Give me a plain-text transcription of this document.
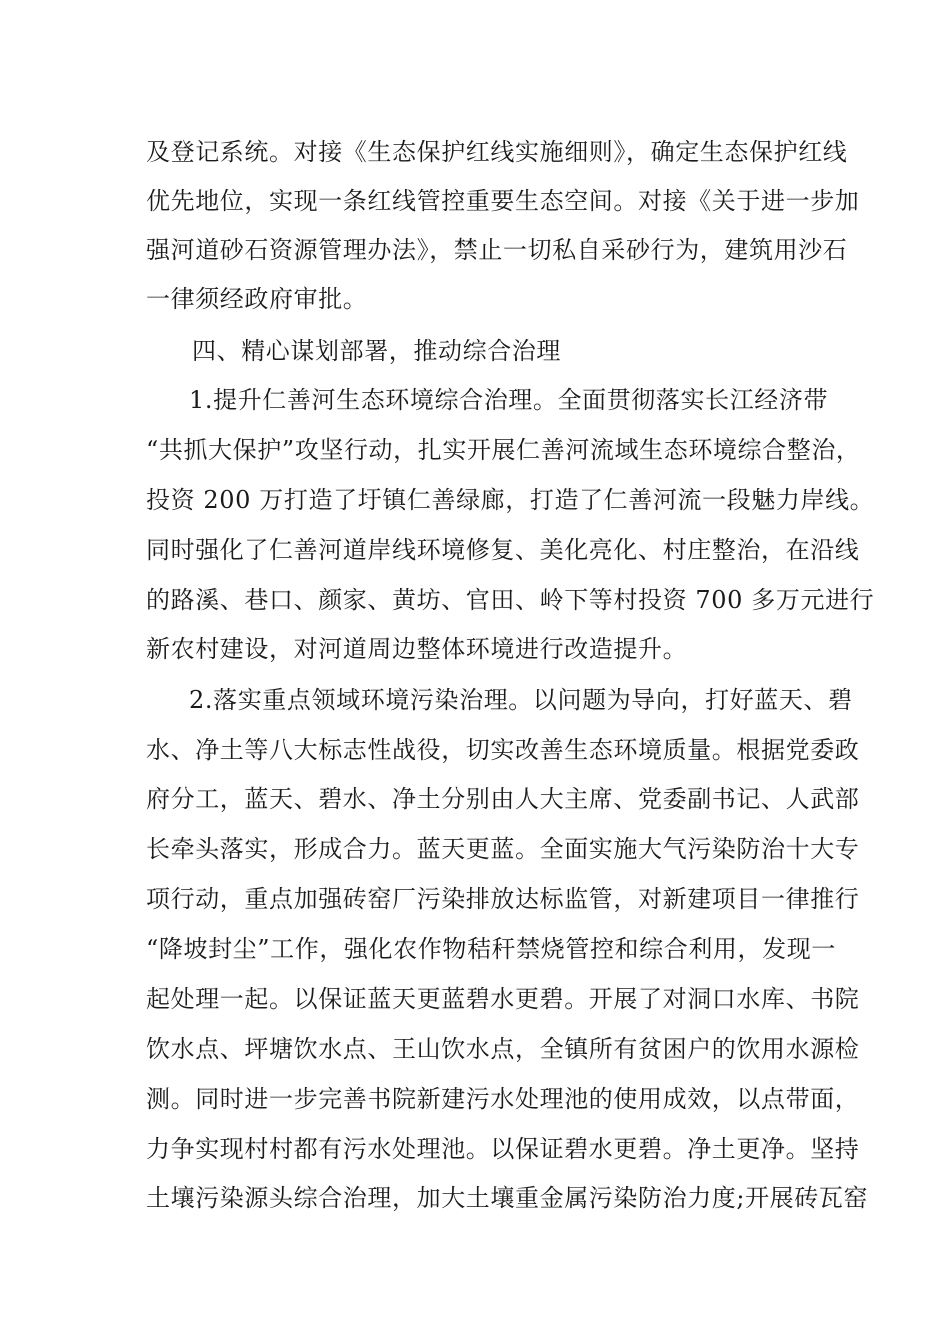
及登记系统。对接《生态保护红线实施细则》，确定生态保护红线
优先地位，实现一条红线管控重要生态空间。对接《关于进一步加
强河道砂石资源管理办法》，禁止一切私自采砂行为，建筑用沙石
一律须经政府审批。
四、精心谋划部署，推动综合治理
1.提升仁善河生态环境综合治理。全面贯彻落实长江经济带
“共抓大保护”攻坚行动，扎实开展仁善河流域生态环境综合整治，
投资 200 万打造了圩镇仁善绿廊，打造了仁善河流一段魅力岸线。
同时强化了仁善河道岸线环境修复、美化亮化、村庄整治，在沿线
的路溪、巷口、颜家、黄坊、官田、岭下等村投资 700 多万元进行
新农村建设，对河道周边整体环境进行改造提升。
2.落实重点领域环境污染治理。以问题为导向，打好蓝天、碧
水、净土等八大标志性战役，切实改善生态环境质量。根据党委政
府分工，蓝天、碧水、净土分别由人大主席、党委副书记、人武部
长牵头落实，形成合力。蓝天更蓝。全面实施大气污染防治十大专
项行动，重点加强砖窑厂污染排放达标监管，对新建项目一律推行
“降坡封尘”工作，强化农作物秸秆禁烧管控和综合利用，发现一
起处理一起。以保证蓝天更蓝碧水更碧。开展了对洞口水库、书院
饮水点、坪塘饮水点、王山饮水点，全镇所有贫困户的饮用水源检
测。同时进一步完善书院新建污水处理池的使用成效，以点带面，
力争实现村村都有污水处理池。以保证碧水更碧。净土更净。坚持
土壤污染源头综合治理，加大土壤重金属污染防治力度;开展砖瓦窑
